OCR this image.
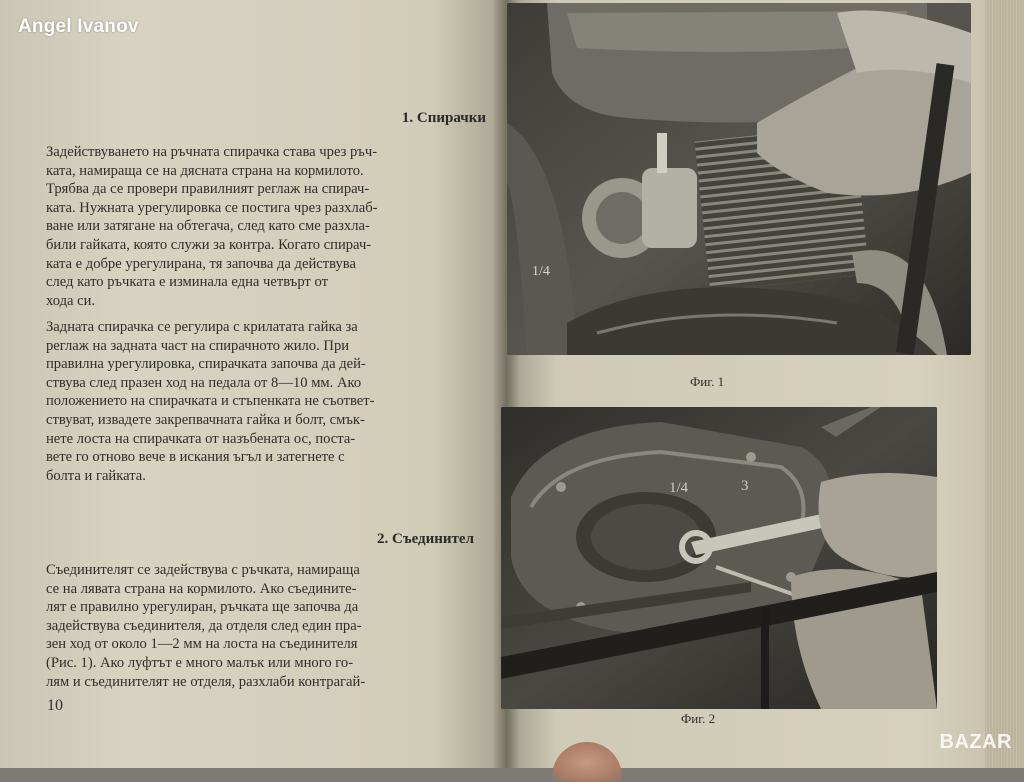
Angel Ivanov
1. Спирачки
Задействуването на ръчната спирачка става чрез ръч-
ката, намираща се на дясната страна на кормилото.
Трябва да се провери правилният реглаж на спирач-
ката. Нужната урегулировка се постига чрез разхлаб-
ване или затягане на обтегача, след като сме разхла-
били гайката, която служи за контра. Когато спирач-
ката е добре урегулирана, тя започва да действува
след като ръчката е изминала една четвърт от
хода си.
Задната спирачка се регулира с крилатата гайка за
реглаж на задната част на спирачното жило. При
правилна урегулировка, спирачката започва да дей-
ствува след празен ход на педала от 8—10 мм. Ако
положението на спирачката и стъпенката не съответ-
ствуват, извадете закрепвачната гайка и болт, смък-
нете лоста на спирачката от назъбената ос, поста-
вете го отново вече в искания ъгъл и затегнете с
болта и гайката.
2. Съединител
Съединителят се задействува с ръчката, намираща
се на лявата страна на кормилото. Ако съедините-
лят е правилно урегулиран, ръчката ще започва да
задействува съединителя, да отделя след един пра-
зен ход от около 1—2 мм на лоста на съединителя
(Рис. 1). Ако луфтът е много малък или много го-
лям и съединителят не отделя, разхлаби контрагай-
10
1/4
Фиг. 1
1/4	3
Фиг. 2
BAZAR
